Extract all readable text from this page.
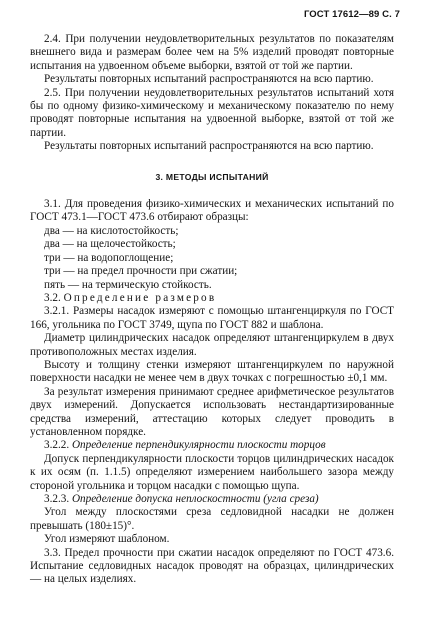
ГОСТ 17612—89 С. 7

2.4. При получении неудовлетворительных результатов по показателям внешнего вида и размерам более чем на 5% изделий проводят повторные испытания на удвоенном объеме выборки, взятой от той же партии.

Результаты повторных испытаний распространяются на всю партию.

2.5. При получении неудовлетворительных результатов испытаний хотя бы по одному физико-химическому и механическому показателю по нему проводят повторные испытания на удвоенной выборке, взятой от той же партии.

Результаты повторных испытаний распространяются на всю партию.

3. МЕТОДЫ ИСПЫТАНИЙ

3.1. Для проведения физико-химических и механических испытаний по ГОСТ 473.1—ГОСТ 473.6 отбирают образцы:

два — на кислотостойкость;

два — на щелочестойкость;

три — на водопоглощение;

три — на предел прочности при сжатии;

пять — на термическую стойкость.

3.2. Определение размеров

3.2.1. Размеры насадок измеряют с помощью штангенциркуля по ГОСТ 166, угольника по ГОСТ 3749, щупа по ГОСТ 882 и шаблона.

Диаметр цилиндрических насадок определяют штангенциркулем в двух противоположных местах изделия.

Высоту и толщину стенки измеряют штангенциркулем по наружной поверхности насадки не менее чем в двух точках с погрешностью ±0,1 мм.

За результат измерения принимают среднее арифметическое результатов двух измерений. Допускается использовать нестандартизированные средства измерений, аттестацию которых следует проводить в установленном порядке.

3.2.2. Определение перпендикулярности плоскости торцов

Допуск перпендикулярности плоскости торцов цилиндрических насадок к их осям (п. 1.1.5) определяют измерением наибольшего зазора между стороной угольника и торцом насадки с помощью щупа.

3.2.3. Определение допуска неплоскостности (угла среза)

Угол между плоскостями среза седловидной насадки не должен превышать (180±15)°.

Угол измеряют шаблоном.

3.3. Предел прочности при сжатии насадок определяют по ГОСТ 473.6. Испытание седловидных насадок проводят на образцах, цилиндрических — на целых изделиях.
